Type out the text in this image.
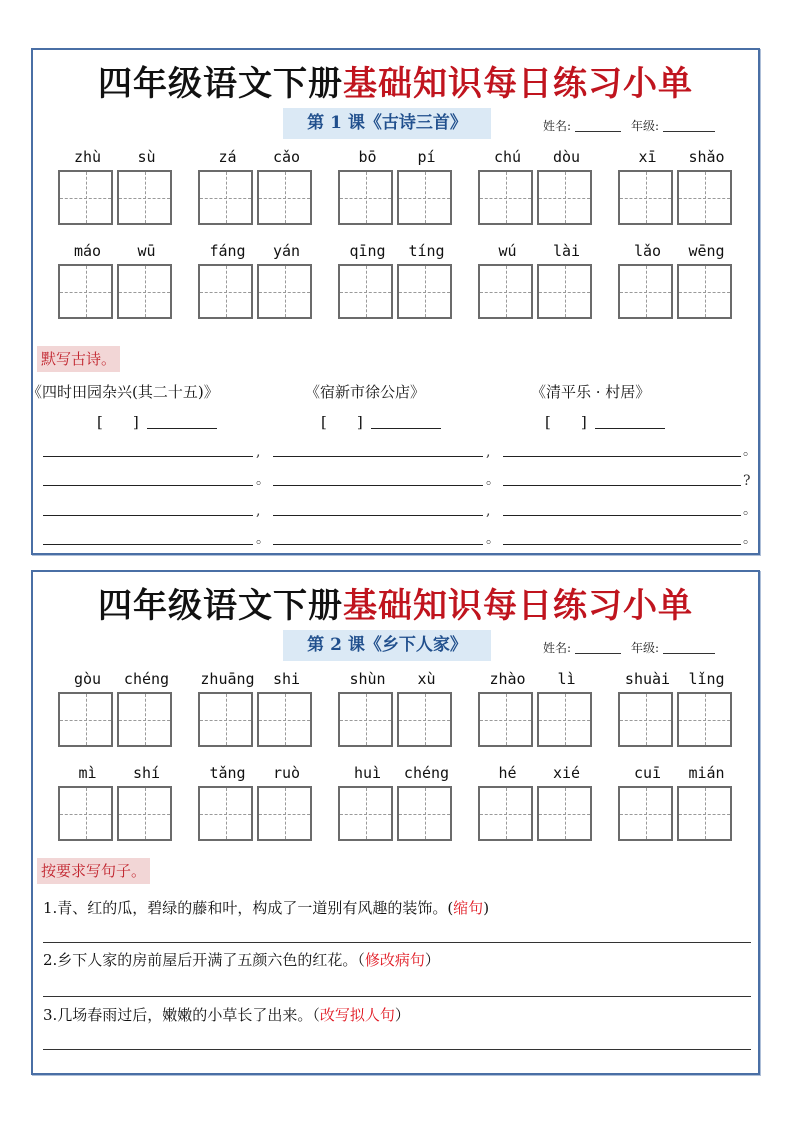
四年级语文下册基础知识每日练习小单
第 1 课《古诗三首》	姓名:	年级:
zhù	sù	zá	cǎo	bō	pí	chú	dòu	xī	shǎo
máo	wū	fáng	yán	qīng	tíng	wú	lài	lǎo	wēng
默写古诗。
《四时田园杂兴(其二十五)》	《宿新市徐公店》	《清平乐 · 村居》
[　　]	[　　]	[　　]
,	,	。
。	。	?
,	,	。
。	。	。
四年级语文下册基础知识每日练习小单
第 2 课《乡下人家》	姓名:	年级:
gòu	chéng	zhuāng	shi	shùn	xù	zhào	lì	shuài	lǐng
mì	shí	tǎng	ruò	huì	chéng	hé	xié	cuī	mián
按要求写句子。
1.青、红的瓜，碧绿的藤和叶，构成了一道别有风趣的装饰。(缩句)
2.乡下人家的房前屋后开满了五颜六色的红花。（修改病句）
3.几场春雨过后，嫩嫩的小草长了出来。（改写拟人句）
